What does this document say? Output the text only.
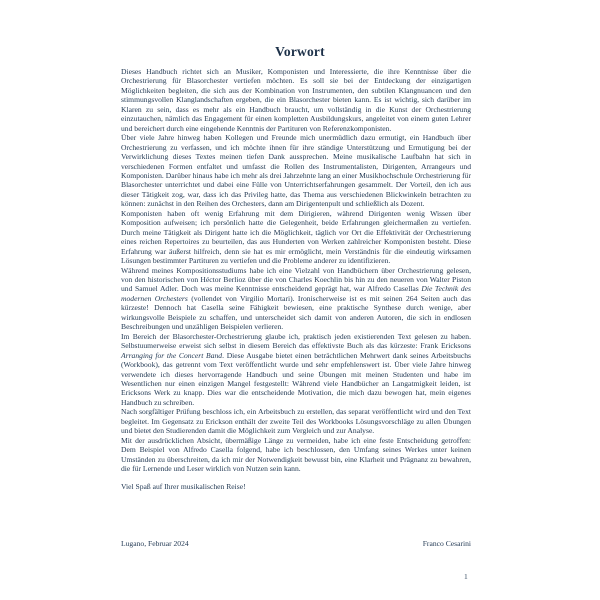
Vorwort

Dieses Handbuch richtet sich an Musiker, Komponisten und Interessierte, die ihre Kenntnisse über die Orchestrierung für Blasorchester vertiefen möchten. Es soll sie bei der Entdeckung der einzigartigen Möglichkeiten begleiten, die sich aus der Kombination von Instrumenten, den subtilen Klangnuancen und den stimmungsvollen Klanglandschaften ergeben, die ein Blasorchester bieten kann. Es ist wichtig, sich darüber im Klaren zu sein, dass es mehr als ein Handbuch braucht, um vollständig in die Kunst der Orchestrierung einzutauchen, nämlich das Engagement für einen kompletten Ausbildungskurs, angeleitet von einem guten Lehrer und bereichert durch eine eingehende Kenntnis der Partituren von Referenzkomponisten.

Über viele Jahre hinweg haben Kollegen und Freunde mich unermüdlich dazu ermutigt, ein Handbuch über Orchestrierung zu verfassen, und ich möchte ihnen für ihre ständige Unterstützung und Ermutigung bei der Verwirklichung dieses Textes meinen tiefen Dank aussprechen. Meine musikalische Laufbahn hat sich in verschiedenen Formen entfaltet und umfasst die Rollen des Instrumentalisten, Dirigenten, Arrangeurs und Komponisten. Darüber hinaus habe ich mehr als drei Jahrzehnte lang an einer Musikhochschule Orchestrierung für Blasorchester unterrichtet und dabei eine Fülle von Unterrichtserfahrungen gesammelt. Der Vorteil, den ich aus dieser Tätigkeit zog, war, dass ich das Privileg hatte, das Thema aus verschiedenen Blickwinkeln betrachten zu können: zunächst in den Reihen des Orchesters, dann am Dirigentenpult und schließlich als Dozent.

Komponisten haben oft wenig Erfahrung mit dem Dirigieren, während Dirigenten wenig Wissen über Komposition aufweisen; ich persönlich hatte die Gelegenheit, beide Erfahrungen gleichermaßen zu vertiefen. Durch meine Tätigkeit als Dirigent hatte ich die Möglichkeit, täglich vor Ort die Effektivität der Orchestrierung eines reichen Repertoires zu beurteilen, das aus Hunderten von Werken zahlreicher Komponisten besteht. Diese Erfahrung war äußerst hilfreich, denn sie hat es mir ermöglicht, mein Verständnis für die eindeutig wirksamen Lösungen bestimmter Partituren zu vertiefen und die Probleme anderer zu identifizieren.

Während meines Kompositionsstudiums habe ich eine Vielzahl von Handbüchern über Orchestrierung gelesen, von den historischen von Héctor Berlioz über die von Charles Koechlin bis hin zu den neueren von Walter Piston und Samuel Adler. Doch was meine Kenntnisse entscheidend geprägt hat, war Alfredo Casellas Die Technik des modernen Orchesters (vollendet von Virgilio Mortari). Ironischerweise ist es mit seinen 264 Seiten auch das kürzeste! Dennoch hat Casella seine Fähigkeit bewiesen, eine praktische Synthese durch wenige, aber wirkungsvolle Beispiele zu schaffen, und unterscheidet sich damit von anderen Autoren, die sich in endlosen Beschreibungen und unzähligen Beispielen verlieren.

Im Bereich der Blasorchester-Orchestrierung glaube ich, praktisch jeden existierenden Text gelesen zu haben. Selbstuumerweise erweist sich selbst in diesem Bereich das effektivste Buch als das kürzeste: Frank Ericksons Arranging for the Concert Band. Diese Ausgabe bietet einen beträchtlichen Mehrwert dank seines Arbeitsbuchs (Workbook), das getrennt vom Text veröffentlicht wurde und sehr empfehlenswert ist. Über viele Jahre hinweg verwendete ich dieses hervorragende Handbuch und seine Übungen mit meinen Studenten und habe im Wesentlichen nur einen einzigen Mangel festgestellt: Während viele Handbücher an Langatmigkeit leiden, ist Ericksons Werk zu knapp. Dies war die entscheidende Motivation, die mich dazu bewogen hat, mein eigenes Handbuch zu schreiben.

Nach sorgfältiger Prüfung beschloss ich, ein Arbeitsbuch zu erstellen, das separat veröffentlicht wird und den Text begleitet. Im Gegensatz zu Erickson enthält der zweite Teil des Workbooks Lösungsvorschläge zu allen Übungen und bietet den Studierenden damit die Möglichkeit zum Vergleich und zur Analyse.

Mit der ausdrücklichen Absicht, übermäßige Länge zu vermeiden, habe ich eine feste Entscheidung getroffen: Dem Beispiel von Alfredo Casella folgend, habe ich beschlossen, den Umfang seines Werkes unter keinen Umständen zu überschreiten, da ich mir der Notwendigkeit bewusst bin, eine Klarheit und Prägnanz zu bewahren, die für Lernende und Leser wirklich von Nutzen sein kann.

Viel Spaß auf Ihrer musikalischen Reise!

Lugano, Februar 2024	Franco Cesarini
1
